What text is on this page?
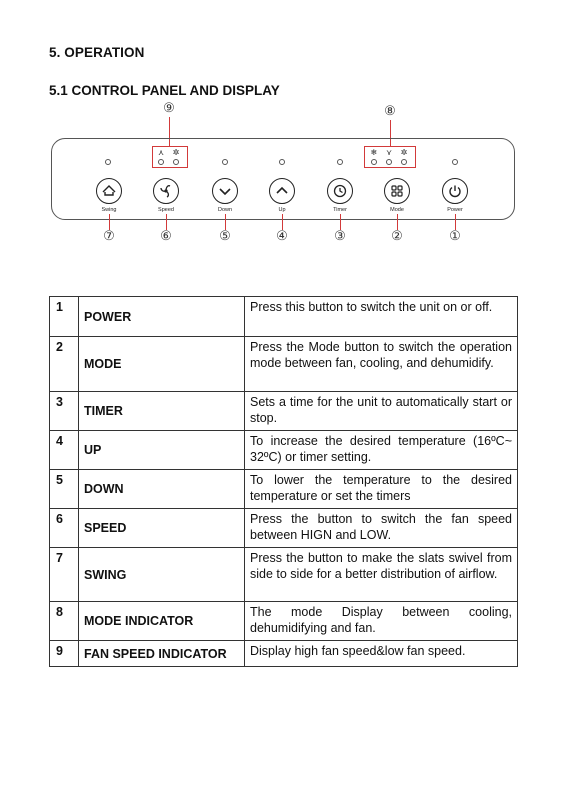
5. OPERATION
5.1 CONTROL PANEL AND DISPLAY
⑨	⑧
⋏ ✲	❄ ⋎ ✲
Swing	Speed	Down	Up	Timer	Mode	Power
⑦	⑥	⑤	④	③	②	①
1	POWER	Press this button to switch the unit on or off.
2	MODE	Press the Mode button to switch the operation mode between fan, cooling, and dehumidify.
3	TIMER	Sets a time for the unit to automatically start or stop.
4	UP	To increase the desired temperature (16ºC~ 32ºC) or timer setting.
5	DOWN	To lower the temperature to the desired temperature or set the timers
6	SPEED	Press the button to switch the fan speed between HIGN and LOW.
7	SWING	Press the button to make the slats swivel from side to side for a better distribution of airflow.
8	MODE INDICATOR	The mode Display between cooling, dehumidifying and fan.
9	FAN SPEED INDICATOR	Display high fan speed&low fan speed.
